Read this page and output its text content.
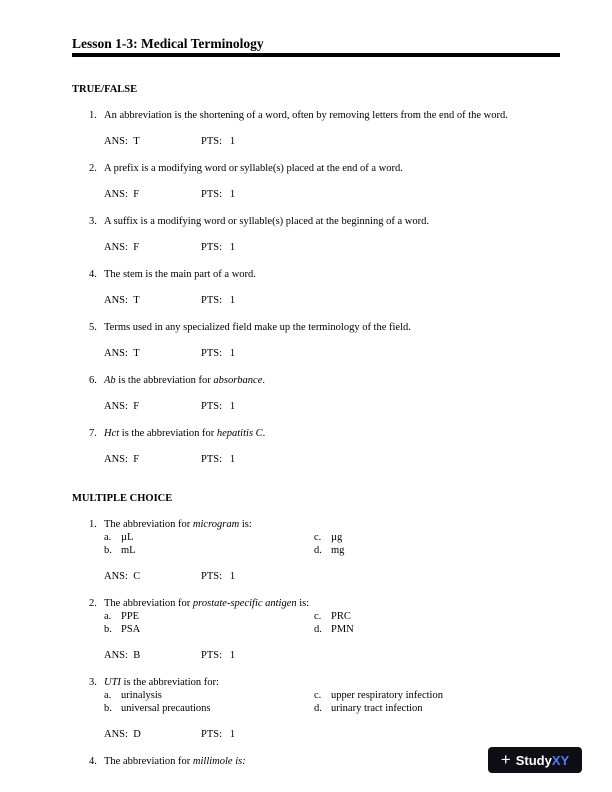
Lesson 1-3: Medical Terminology
TRUE/FALSE
1. An abbreviation is the shortening of a word, often by removing letters from the end of the word.
ANS: T	PTS: 1
2. A prefix is a modifying word or syllable(s) placed at the end of a word.
ANS: F	PTS: 1
3. A suffix is a modifying word or syllable(s) placed at the beginning of a word.
ANS: F	PTS: 1
4. The stem is the main part of a word.
ANS: T	PTS: 1
5. Terms used in any specialized field make up the terminology of the field.
ANS: T	PTS: 1
6. Ab is the abbreviation for absorbance.
ANS: F	PTS: 1
7. Hct is the abbreviation for hepatitis C.
ANS: F	PTS: 1
MULTIPLE CHOICE
1. The abbreviation for microgram is:
a. µL
b. mL
c. µg
d. mg
ANS: C	PTS: 1
2. The abbreviation for prostate-specific antigen is:
a. PPE
b. PSA
c. PRC
d. PMN
ANS: B	PTS: 1
3. UTI is the abbreviation for:
a. urinalysis
b. universal precautions
c. upper respiratory infection
d. urinary tract infection
ANS: D	PTS: 1
4. The abbreviation for millimole is:	+ StudyXY
